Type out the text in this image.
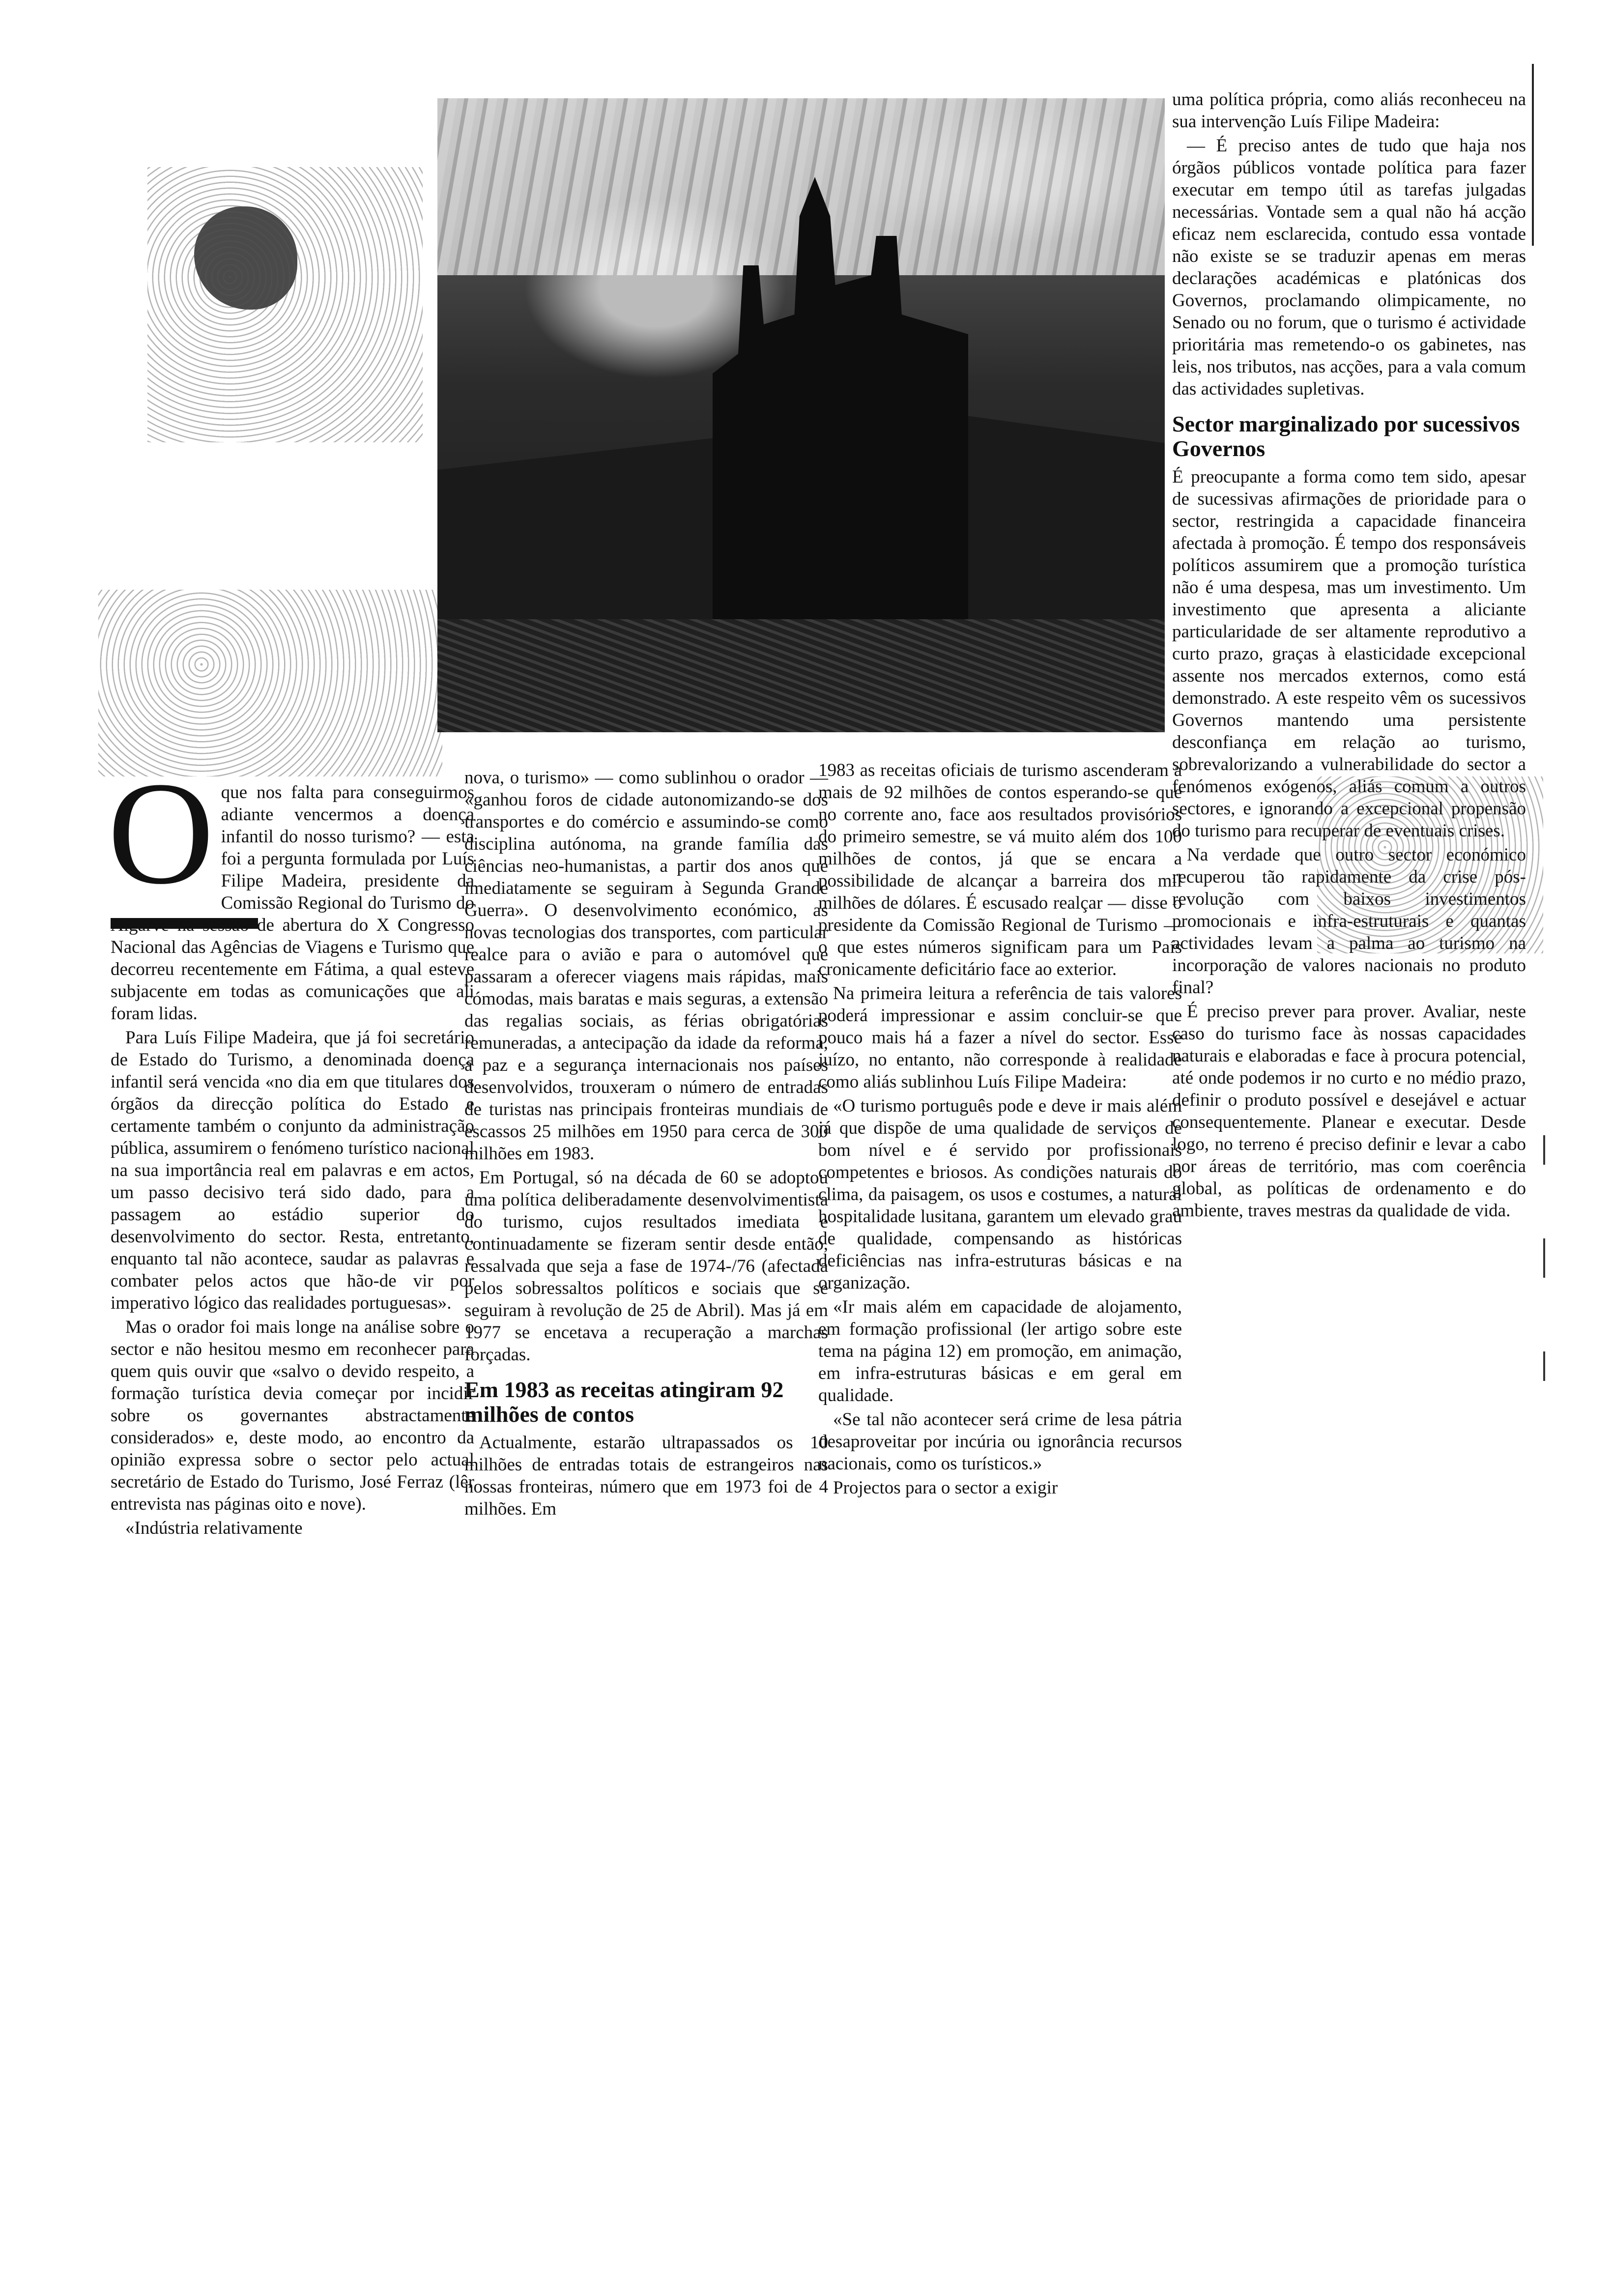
Oque nos falta para conseguirmos adiante vencermos a doença infantil do nosso turismo? — esta foi a pergunta formulada por Luís Filipe Madeira, presidente da Comissão Regional do Turismo do Algarve na sessão de abertura do X Congresso Nacional das Agências de Viagens e Turismo que decorreu recentemente em Fátima, a qual esteve subjacente em todas as comunicações que ali foram lidas.

Para Luís Filipe Madeira, que já foi secretário de Estado do Turismo, a denominada doença infantil será vencida «no dia em que titulares dos órgãos da direcção política do Estado e certamente também o conjunto da administração pública, assumirem o fenómeno turístico nacional na sua importância real em palavras e em actos, um passo decisivo terá sido dado, para a passagem ao estádio superior do desenvolvimento do sector. Resta, entretanto, enquanto tal não acontece, saudar as palavras e combater pelos actos que hão-de vir por imperativo lógico das realidades portuguesas».

Mas o orador foi mais longe na análise sobre o sector e não hesitou mesmo em reconhecer para quem quis ouvir que «salvo o devido respeito, a formação turística devia começar por incidir sobre os governantes abstractamente considerados» e, deste modo, ao encontro da opinião expressa sobre o sector pelo actual secretário de Estado do Turismo, José Ferraz (lêr entrevista nas páginas oito e nove).

«Indústria relativamente

nova, o turismo» — como sublinhou o orador — «ganhou foros de cidade autonomizando-se dos transportes e do comércio e assumindo-se como disciplina autónoma, na grande família das ciências neo-humanistas, a partir dos anos que imediatamente se seguiram à Segunda Grande Guerra». O desenvolvimento económico, as novas tecnologias dos transportes, com particular realce para o avião e para o automóvel que passaram a oferecer viagens mais rápidas, mais cómodas, mais baratas e mais seguras, a extensão das regalias sociais, as férias obrigatórias remuneradas, a antecipação da idade da reforma, a paz e a segurança internacionais nos países desenvolvidos, trouxeram o número de entradas de turistas nas principais fronteiras mundiais de escassos 25 milhões em 1950 para cerca de 300 milhões em 1983.

Em Portugal, só na década de 60 se adoptou uma política deliberadamente desenvolvimentista do turismo, cujos resultados imediata e continuadamente se fizeram sentir desde então, ressalvada que seja a fase de 1974-/76 (afectada pelos sobressaltos políticos e sociais que se seguiram à revolução de 25 de Abril). Mas já em 1977 se encetava a recuperação a marchas forçadas.

Em 1983 as receitas atingiram 92 milhões de contos

Actualmente, estarão ultrapassados os 10 milhões de entradas totais de estrangeiros nas nossas fronteiras, número que em 1973 foi de 4 milhões. Em

1983 as receitas oficiais de turismo ascenderam a mais de 92 milhões de contos esperando-se que no corrente ano, face aos resultados provisórios do primeiro semestre, se vá muito além dos 100 milhões de contos, já que se encara a possibilidade de alcançar a barreira dos mil milhões de dólares. É escusado realçar — disse o presidente da Comissão Regional de Turismo — o que estes números significam para um País cronicamente deficitário face ao exterior.

Na primeira leitura a referência de tais valores poderá impressionar e assim concluir-se que pouco mais há a fazer a nível do sector. Esse juízo, no entanto, não corresponde à realidade como aliás sublinhou Luís Filipe Madeira:

«O turismo português pode e deve ir mais além já que dispõe de uma qualidade de serviços de bom nível e é servido por profissionais competentes e briosos. As condições naturais do clima, da paisagem, os usos e costumes, a natural hospitalidade lusitana, garantem um elevado grau de qualidade, compensando as históricas deficiências nas infra-estruturas básicas e na organização.

«Ir mais além em capacidade de alojamento, em formação profissional (ler artigo sobre este tema na página 12) em promoção, em animação, em infra-estruturas básicas e em geral em qualidade.

«Se tal não acontecer será crime de lesa pátria desaproveitar por incúria ou ignorância recursos nacionais, como os turísticos.»

Projectos para o sector a exigir

uma política própria, como aliás reconheceu na sua intervenção Luís Filipe Madeira:

— É preciso antes de tudo que haja nos órgãos públicos vontade política para fazer executar em tempo útil as tarefas julgadas necessárias. Vontade sem a qual não há acção eficaz nem esclarecida, contudo essa vontade não existe se se traduzir apenas em meras declarações académicas e platónicas dos Governos, proclamando olimpicamente, no Senado ou no forum, que o turismo é actividade prioritária mas remetendo-o os gabinetes, nas leis, nos tributos, nas acções, para a vala comum das actividades supletivas.

Sector marginalizado por sucessivos Governos

É preocupante a forma como tem sido, apesar de sucessivas afirmações de prioridade para o sector, restringida a capacidade financeira afectada à promoção. É tempo dos responsáveis políticos assumirem que a promoção turística não é uma despesa, mas um investimento. Um investimento que apresenta a aliciante particularidade de ser altamente reprodutivo a curto prazo, graças à elasticidade excepcional assente nos mercados externos, como está demonstrado. A este respeito vêm os sucessivos Governos mantendo uma persistente desconfiança em relação ao turismo, sobrevalorizando a vulnerabilidade do sector a fenómenos exógenos, aliás comum a outros sectores, e ignorando a excepcional propensão do turismo para recuperar de eventuais crises.

Na verdade que outro sector económico recuperou tão rapidamente da crise pós-revolução com baixos investimentos promocionais e infra-estruturais e quantas actividades levam a palma ao turismo na incorporação de valores nacionais no produto final?

É preciso prever para prover. Avaliar, neste caso do turismo face às nossas capacidades naturais e elaboradas e face à procura potencial, até onde podemos ir no curto e no médio prazo, definir o produto possível e desejável e actuar consequentemente. Planear e executar. Desde logo, no terreno é preciso definir e levar a cabo por áreas de território, mas com coerência global, as políticas de ordenamento e do ambiente, traves mestras da qualidade de vida.
